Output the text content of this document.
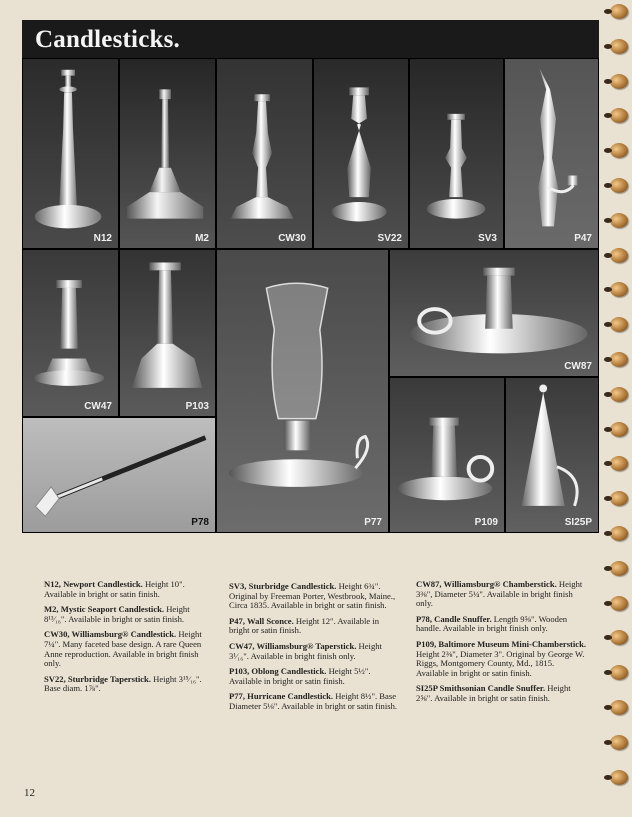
Candlesticks.
N12	M2	CW30	SV22	SV3	P47
CW47	P103
P77
CW87
P78	P109	SI25P

N12, Newport Candlestick. Height 10". Available in bright or satin finish.

M2, Mystic Seaport Candlestick. Height 8¹³⁄₁₆". Available in bright or satin finish.

CW30, Williamsburg® Candlestick. Height 7¼". Many faceted base design. A rare Queen Anne reproduction. Available in bright finish only.

SV22, Sturbridge Taperstick. Height 3¹⁵⁄₁₆". Base diam. 1⅞".

SV3, Sturbridge Candlestick. Height 6¾". Original by Freeman Porter, Westbrook, Maine., Circa 1835. Available in bright or satin finish.

P47, Wall Sconce. Height 12". Available in bright or satin finish.

CW47, Williamsburg® Taperstick. Height 3¹⁄₁₆". Available in bright finish only.

P103, Oblong Candlestick. Height 5½". Available in bright or satin finish.

P77, Hurricane Candlestick. Height 8½". Base Diameter 5⅛". Available in bright or satin finish.

CW87, Williamsburg® Chamberstick. Height 3⅜", Diameter 5¼". Available in bright finish only.

P78, Candle Snuffer. Length 9⅝". Wooden handle. Available in bright finish only.

P109, Baltimore Museum Mini-Chamberstick. Height 2⅜", Diameter 3". Original by George W. Riggs, Montgomery County, Md., 1815. Available in bright or satin finish.

SI25P Smithsonian Candle Snuffer. Height 2⅝". Available in bright or satin finish.

12
